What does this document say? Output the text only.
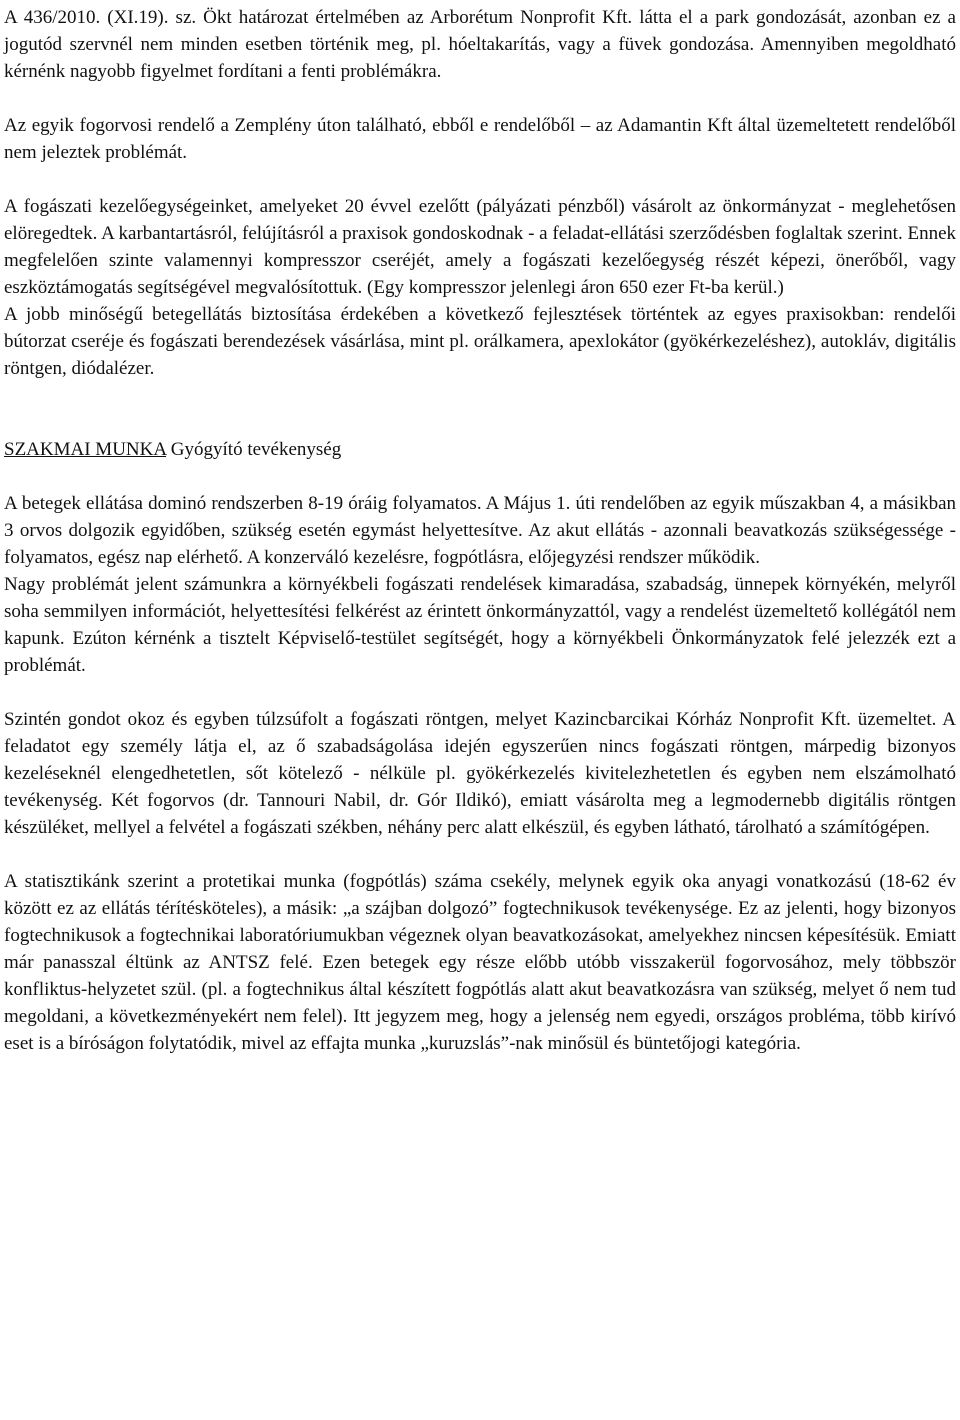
A 436/2010. (XI.19). sz. Ökt határozat értelmében az Arborétum Nonprofit Kft. látta el a park gondozását, azonban ez a jogutód szervnél nem minden esetben történik meg, pl. hóeltakarítás, vagy a füvek gondozása. Amennyiben megoldható kérnénk nagyobb figyelmet fordítani a fenti problémákra.

Az egyik fogorvosi rendelő a Zemplény úton található, ebből e rendelőből – az Adamantin Kft által üzemeltetett rendelőből nem jeleztek problémát.

A fogászati kezelőegységeinket, amelyeket 20 évvel ezelőtt (pályázati pénzből) vásárolt az önkormányzat - meglehetősen elöregedtek. A karbantartásról, felújításról a praxisok gondoskodnak - a feladat-ellátási szerződésben foglaltak szerint. Ennek megfelelően szinte valamennyi kompresszor cseréjét, amely a fogászati kezelőegység részét képezi, önerőből, vagy eszköztámogatás segítségével megvalósítottuk. (Egy kompresszor jelenlegi áron 650 ezer Ft-ba kerül.)

A jobb minőségű betegellátás biztosítása érdekében a következő fejlesztések történtek az egyes praxisokban: rendelői bútorzat cseréje és fogászati berendezések vásárlása, mint pl. orálkamera, apexlokátor (gyökérkezeléshez), autokláv, digitális röntgen, diódalézer.

SZAKMAI MUNKA Gyógyító tevékenység

A betegek ellátása dominó rendszerben 8-19 óráig folyamatos. A Május 1. úti rendelőben az egyik műszakban 4, a másikban 3 orvos dolgozik egyidőben, szükség esetén egymást helyettesítve. Az akut ellátás - azonnali beavatkozás szükségessége - folyamatos, egész nap elérhető. A konzerváló kezelésre, fogpótlásra, előjegyzési rendszer működik.

Nagy problémát jelent számunkra a környékbeli fogászati rendelések kimaradása, szabadság, ünnepek környékén, melyről soha semmilyen információt, helyettesítési felkérést az érintett önkormányzattól, vagy a rendelést üzemeltető kollégától nem kapunk. Ezúton kérnénk a tisztelt Képviselő-testület segítségét, hogy a környékbeli Önkormányzatok felé jelezzék ezt a problémát.

Szintén gondot okoz és egyben túlzsúfolt a fogászati röntgen, melyet Kazincbarcikai Kórház Nonprofit Kft. üzemeltet. A feladatot egy személy látja el, az ő szabadságolása idején egyszerűen nincs fogászati röntgen, márpedig bizonyos kezeléseknél elengedhetetlen, sőt kötelező - nélküle pl. gyökérkezelés kivitelezhetetlen és egyben nem elszámolható tevékenység. Két fogorvos (dr. Tannouri Nabil, dr. Gór Ildikó), emiatt vásárolta meg a legmodernebb digitális röntgen készüléket, mellyel a felvétel a fogászati székben, néhány perc alatt elkészül, és egyben látható, tárolható a számítógépen.

A statisztikánk szerint a protetikai munka (fogpótlás) száma csekély, melynek egyik oka anyagi vonatkozású (18-62 év között ez az ellátás térítésköteles), a másik: „a szájban dolgozó” fogtechnikusok tevékenysége. Ez az jelenti, hogy bizonyos fogtechnikusok a fogtechnikai laboratóriumukban végeznek olyan beavatkozásokat, amelyekhez nincsen képesítésük. Emiatt már panasszal éltünk az ANTSZ felé. Ezen betegek egy része előbb utóbb visszakerül fogorvosához, mely többször konfliktus-helyzetet szül. (pl. a fogtechnikus által készített fogpótlás alatt akut beavatkozásra van szükség, melyet ő nem tud megoldani, a következményekért nem felel). Itt jegyzem meg, hogy a jelenség nem egyedi, országos probléma, több kirívó eset is a bíróságon folytatódik, mivel az effajta munka „kuruzslás”-nak minősül és büntetőjogi kategória.
